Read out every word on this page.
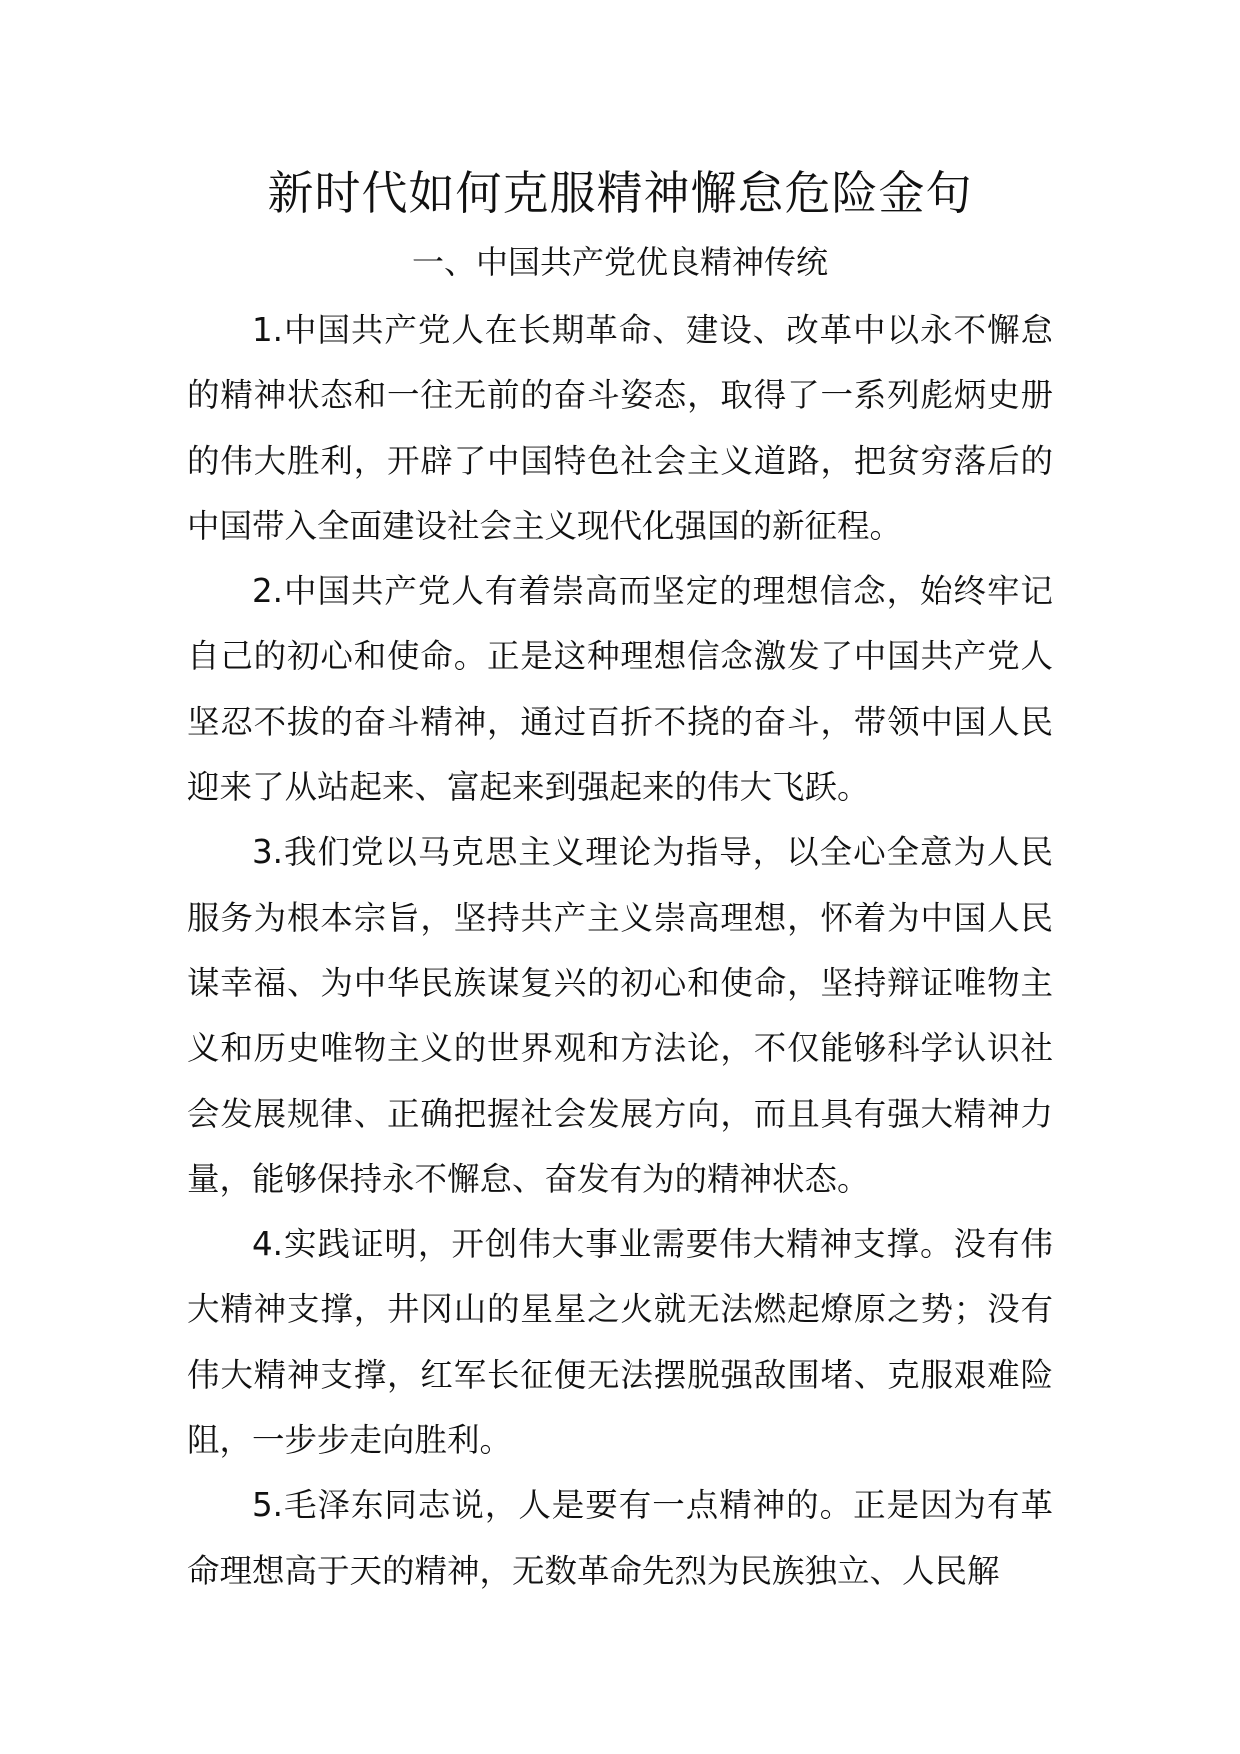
新时代如何克服精神懈怠危险金句
一、中国共产党优良精神传统

1.中国共产党人在长期革命、建设、改革中以永不懈怠的精神状态和一往无前的奋斗姿态，取得了一系列彪炳史册的伟大胜利，开辟了中国特色社会主义道路，把贫穷落后的中国带入全面建设社会主义现代化强国的新征程。

2.中国共产党人有着崇高而坚定的理想信念，始终牢记自己的初心和使命。正是这种理想信念激发了中国共产党人坚忍不拔的奋斗精神，通过百折不挠的奋斗，带领中国人民迎来了从站起来、富起来到强起来的伟大飞跃。

3.我们党以马克思主义理论为指导，以全心全意为人民服务为根本宗旨，坚持共产主义崇高理想，怀着为中国人民谋幸福、为中华民族谋复兴的初心和使命，坚持辩证唯物主义和历史唯物主义的世界观和方法论，不仅能够科学认识社会发展规律、正确把握社会发展方向，而且具有强大精神力量，能够保持永不懈怠、奋发有为的精神状态。

4.实践证明，开创伟大事业需要伟大精神支撑。没有伟大精神支撑，井冈山的星星之火就无法燃起燎原之势；没有伟大精神支撑，红军长征便无法摆脱强敌围堵、克服艰难险阻，一步步走向胜利。

5.毛泽东同志说，人是要有一点精神的。正是因为有革命理想高于天的精神，无数革命先烈为民族独立、人民解
